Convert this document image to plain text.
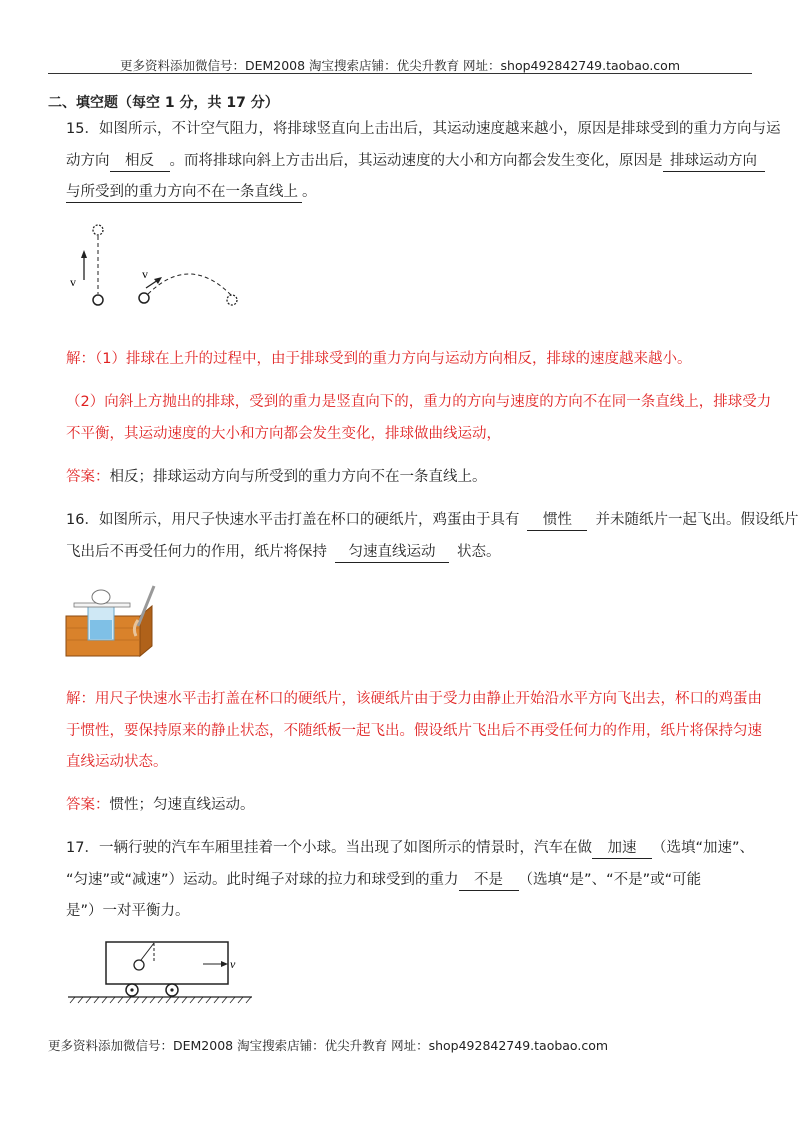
更多资料添加微信号：DEM2008 淘宝搜索店铺：优尖升教育 网址：shop492842749.taobao.com
二、填空题（每空 1 分，共 17 分）
15．如图所示，不计空气阻力，将排球竖直向上击出后，其运动速度越来越小，原因是排球受到的重力方向与运
动方向 相反 。而将排球向斜上方击出后，其运动速度的大小和方向都会发生变化，原因是 排球运动方向
与所受到的重力方向不在一条直线上 。
v
v
解：（1）排球在上升的过程中，由于排球受到的重力方向与运动方向相反，排球的速度越来越小。
（2）向斜上方抛出的排球，受到的重力是竖直向下的，重力的方向与速度的方向不在同一条直线上，排球受力
不平衡，其运动速度的大小和方向都会发生变化，排球做曲线运动，
答案：相反；排球运动方向与所受到的重力方向不在一条直线上。
16．如图所示，用尺子快速水平击打盖在杯口的硬纸片，鸡蛋由于具有 惯性 并未随纸片一起飞出。假设纸片
飞出后不再受任何力的作用，纸片将保持 匀速直线运动 状态。
解：用尺子快速水平击打盖在杯口的硬纸片，该硬纸片由于受力由静止开始沿水平方向飞出去，杯口的鸡蛋由
于惯性，要保持原来的静止状态，不随纸板一起飞出。假设纸片飞出后不再受任何力的作用，纸片将保持匀速
直线运动状态。
答案：惯性；匀速直线运动。
17．一辆行驶的汽车车厢里挂着一个小球。当出现了如图所示的情景时，汽车在做 加速 （选填“加速”、
“匀速”或“减速”）运动。此时绳子对球的拉力和球受到的重力 不是 （选填“是”、“不是”或“可能
是”）一对平衡力。
v
更多资料添加微信号：DEM2008 淘宝搜索店铺：优尖升教育 网址：shop492842749.taobao.com
